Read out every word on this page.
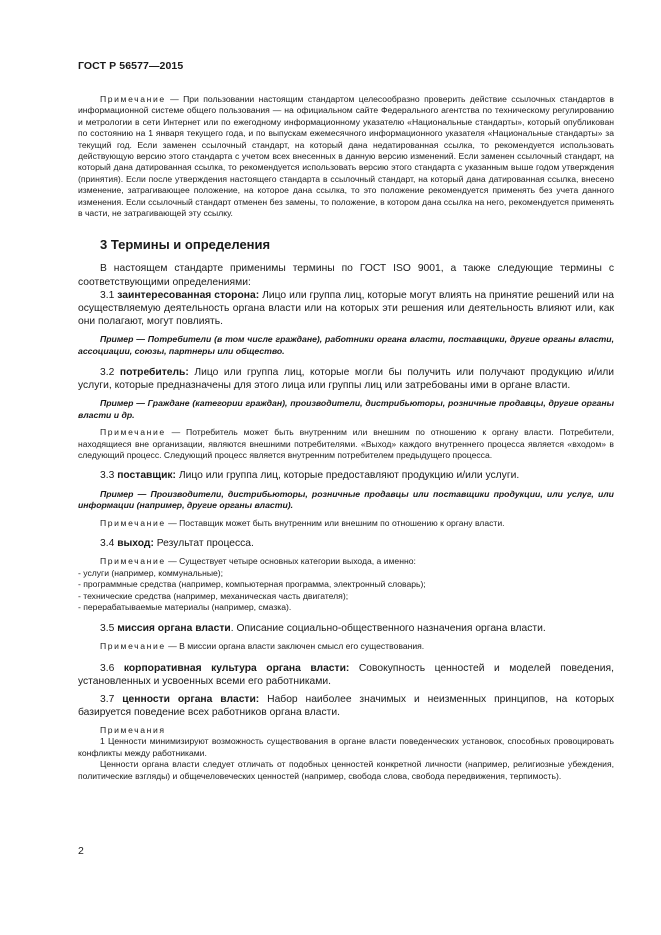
ГОСТ Р 56577—2015

Примечание — При пользовании настоящим стандартом целесообразно проверить действие ссылочных стандартов в информационной системе общего пользования — на официальном сайте Федерального агентства по техническому регулированию и метрологии в сети Интернет или по ежегодному информационному указателю «Национальные стандарты», который опубликован по состоянию на 1 января текущего года, и по выпускам ежемесячного информационного указателя «Национальные стандарты» за текущий год. Если заменен ссылочный стандарт, на который дана недатированная ссылка, то рекомендуется использовать действующую версию этого стандарта с учетом всех внесенных в данную версию изменений. Если заменен ссылочный стандарт, на который дана датированная ссылка, то рекомендуется использовать версию этого стандарта с указанным выше годом утверждения (принятия). Если после утверждения настоящего стандарта в ссылочный стандарт, на который дана датированная ссылка, внесено изменение, затрагивающее положение, на которое дана ссылка, то это положение рекомендуется применять без учета данного изменения. Если ссылочный стандарт отменен без замены, то положение, в котором дана ссылка на него, рекомендуется применять в части, не затрагивающей эту ссылку.

3 Термины и определения

В настоящем стандарте применимы термины по ГОСТ ISO 9001, а также следующие термины с соответствующими определениями:

3.1 заинтересованная сторона: Лицо или группа лиц, которые могут влиять на принятие решений или на осуществляемую деятельность органа власти или на которых эти решения или деятельность влияют или, как они полагают, могут повлиять.

Пример — Потребители (в том числе граждане), работники органа власти, поставщики, другие органы власти, ассоциации, союзы, партнеры или общество.

3.2 потребитель: Лицо или группа лиц, которые могли бы получить или получают продукцию и/или услуги, которые предназначены для этого лица или группы лиц или затребованы ими в органе власти.

Пример — Граждане (категории граждан), производители, дистрибьюторы, розничные продавцы, другие органы власти и др.

Примечание — Потребитель может быть внутренним или внешним по отношению к органу власти. Потребители, находящиеся вне организации, являются внешними потребителями. «Выход» каждого внутреннего процесса является «входом» в следующий процесс. Следующий процесс является внутренним потребителем предыдущего процесса.

3.3 поставщик: Лицо или группа лиц, которые предоставляют продукцию и/или услуги.

Пример — Производители, дистрибьюторы, розничные продавцы или поставщики продукции, или услуг, или информации (например, другие органы власти).

Примечание — Поставщик может быть внутренним или внешним по отношению к органу власти.

3.4 выход: Результат процесса.

Примечание — Существует четыре основных категории выхода, а именно:

- услуги (например, коммунальные);

- программные средства (например, компьютерная программа, электронный словарь);

- технические средства (например, механическая часть двигателя);

- перерабатываемые материалы (например, смазка).

3.5 миссия органа власти. Описание социально-общественного назначения органа власти.

Примечание — В миссии органа власти заключен смысл его существования.

3.6 корпоративная культура органа власти: Совокупность ценностей и моделей поведения, установленных и усвоенных всеми его работниками.

3.7 ценности органа власти: Набор наиболее значимых и неизменных принципов, на которых базируется поведение всех работников органа власти.

Примечания

1 Ценности минимизируют возможность существования в органе власти поведенческих установок, способных провоцировать конфликты между работниками.

Ценности органа власти следует отличать от подобных ценностей конкретной личности (например, религиозные убеждения, политические взгляды) и общечеловеческих ценностей (например, свобода слова, свобода передвижения, терпимость).

2
